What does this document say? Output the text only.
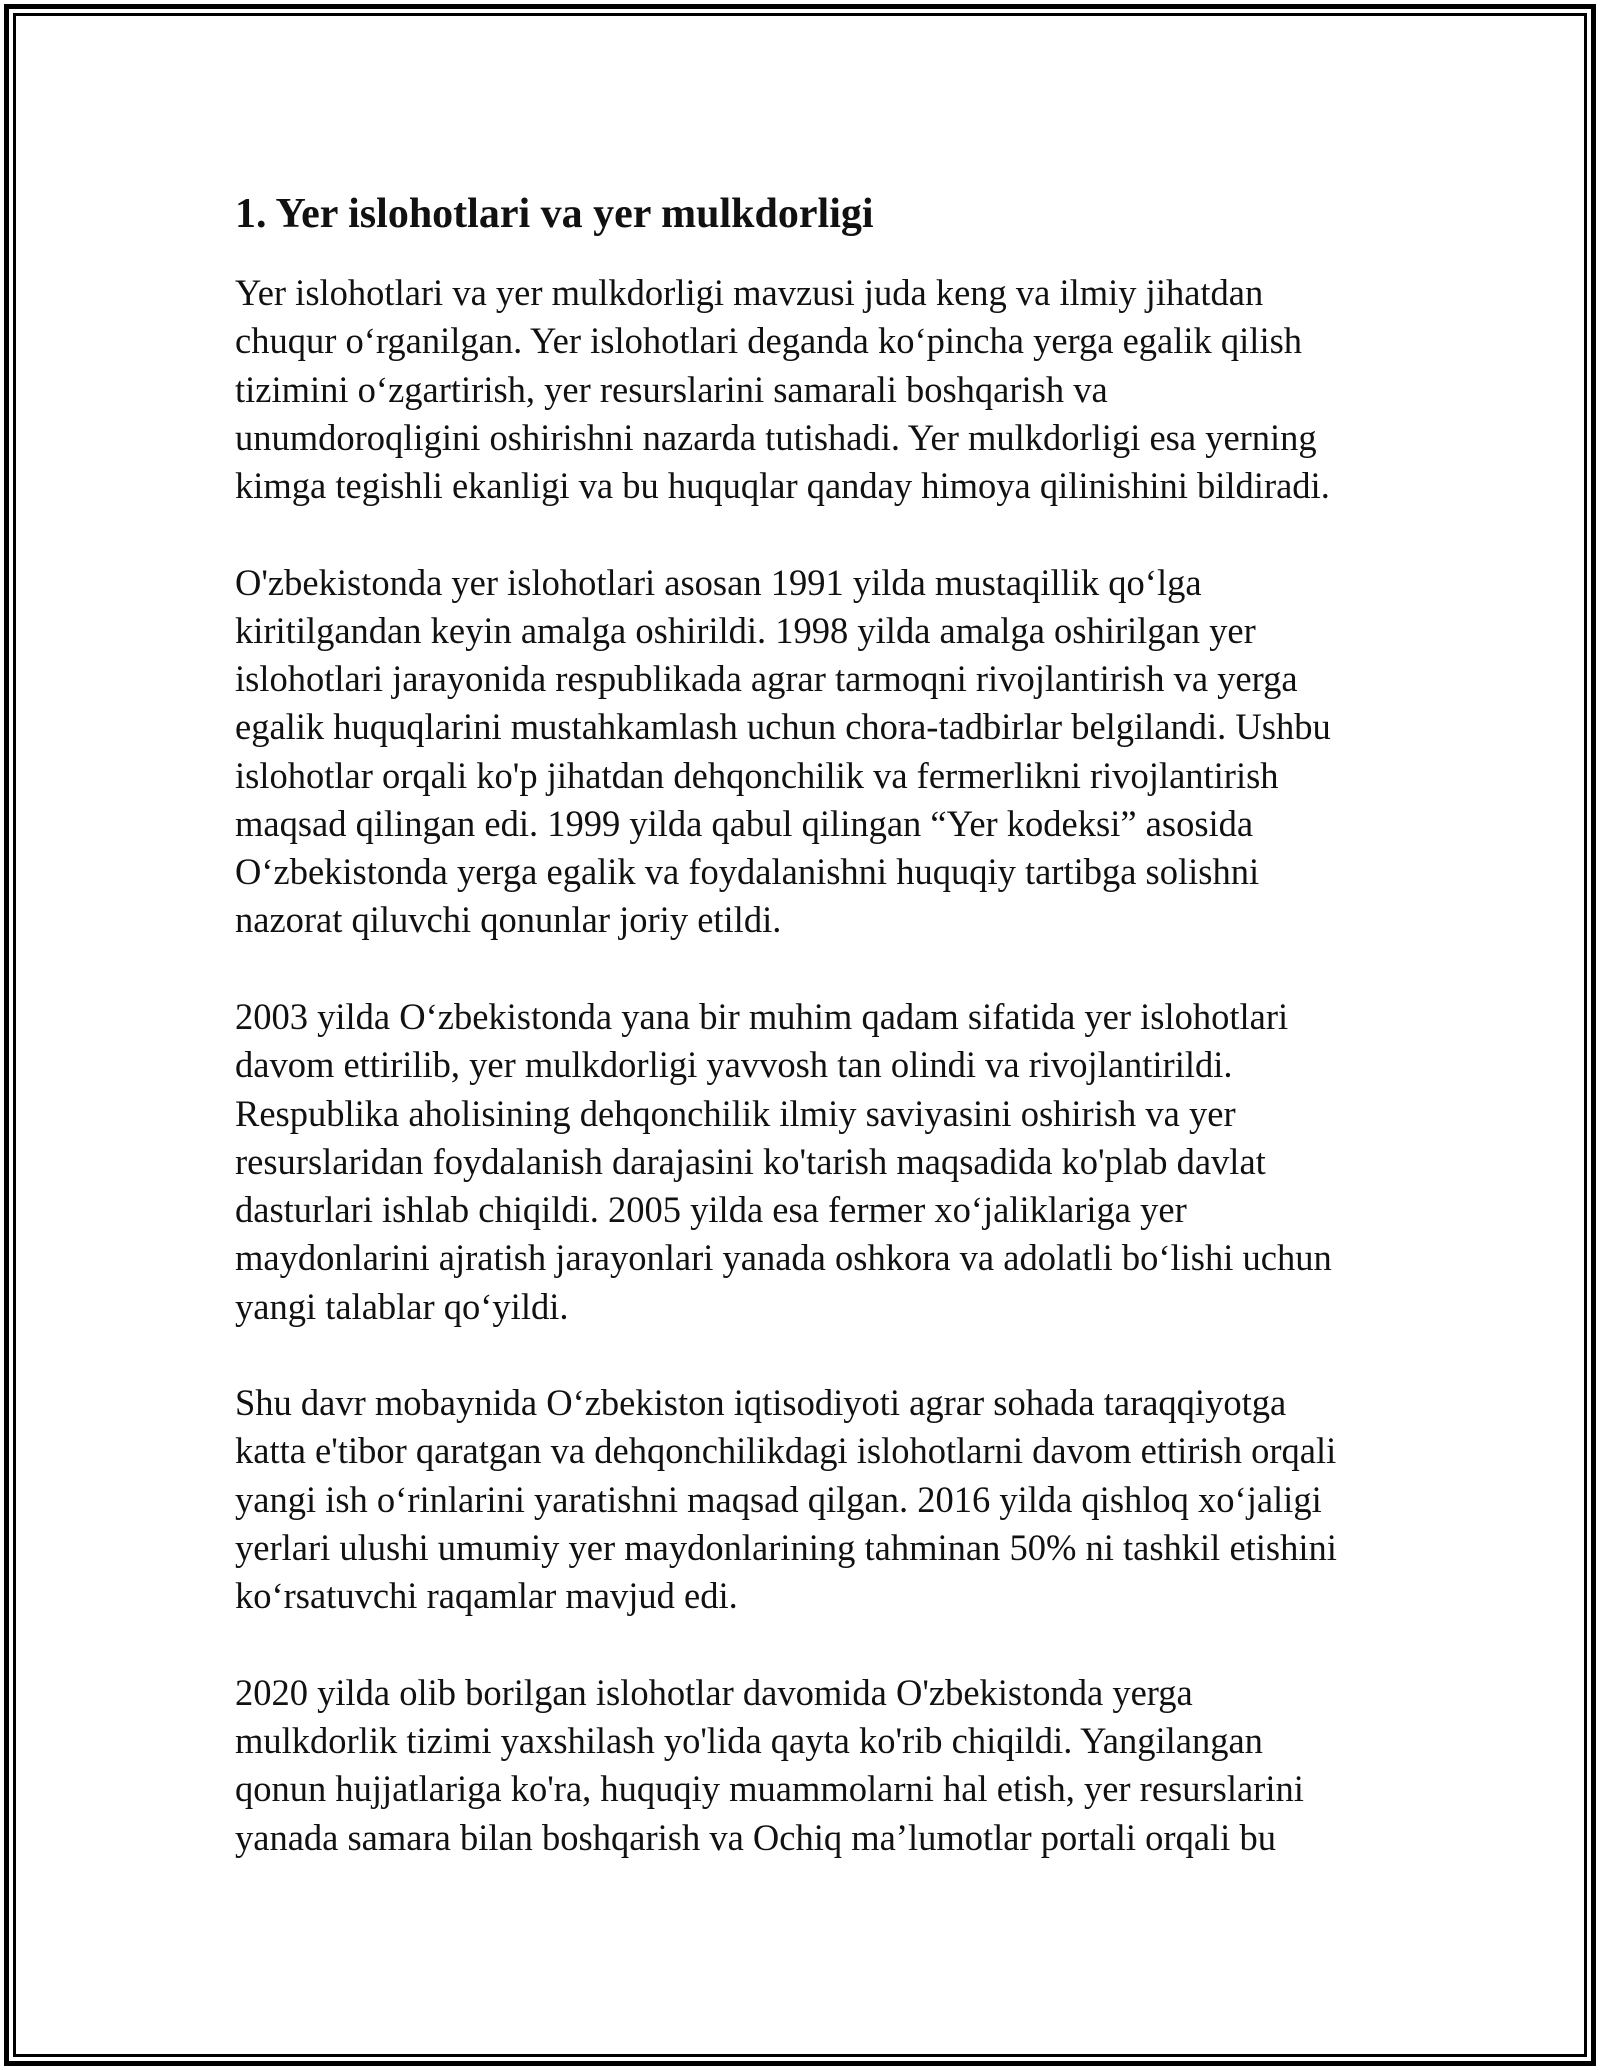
1. Yer islohotlari va yer mulkdorligi

Yer islohotlari va yer mulkdorligi mavzusi juda keng va ilmiy jihatdan
chuqur o‘rganilgan. Yer islohotlari deganda ko‘pincha yerga egalik qilish
tizimini o‘zgartirish, yer resurslarini samarali boshqarish va
unumdoroqligini oshirishni nazarda tutishadi. Yer mulkdorligi esa yerning
kimga tegishli ekanligi va bu huquqlar qanday himoya qilinishini bildiradi.

O'zbekistonda yer islohotlari asosan 1991 yilda mustaqillik qo‘lga
kiritilgandan keyin amalga oshirildi. 1998 yilda amalga oshirilgan yer
islohotlari jarayonida respublikada agrar tarmoqni rivojlantirish va yerga
egalik huquqlarini mustahkamlash uchun chora-tadbirlar belgilandi. Ushbu
islohotlar orqali ko'p jihatdan dehqonchilik va fermerlikni rivojlantirish
maqsad qilingan edi. 1999 yilda qabul qilingan “Yer kodeksi” asosida
O‘zbekistonda yerga egalik va foydalanishni huquqiy tartibga solishni
nazorat qiluvchi qonunlar joriy etildi.

2003 yilda O‘zbekistonda yana bir muhim qadam sifatida yer islohotlari
davom ettirilib, yer mulkdorligi yavvosh tan olindi va rivojlantirildi.
Respublika aholisining dehqonchilik ilmiy saviyasini oshirish va yer
resurslaridan foydalanish darajasini ko'tarish maqsadida ko'plab davlat
dasturlari ishlab chiqildi. 2005 yilda esa fermer xo‘jaliklariga yer
maydonlarini ajratish jarayonlari yanada oshkora va adolatli bo‘lishi uchun
yangi talablar qo‘yildi.

Shu davr mobaynida O‘zbekiston iqtisodiyoti agrar sohada taraqqiyotga
katta e'tibor qaratgan va dehqonchilikdagi islohotlarni davom ettirish orqali
yangi ish o‘rinlarini yaratishni maqsad qilgan. 2016 yilda qishloq xo‘jaligi
yerlari ulushi umumiy yer maydonlarining tahminan 50% ni tashkil etishini
ko‘rsatuvchi raqamlar mavjud edi.

2020 yilda olib borilgan islohotlar davomida O'zbekistonda yerga
mulkdorlik tizimi yaxshilash yo'lida qayta ko'rib chiqildi. Yangilangan
qonun hujjatlariga ko'ra, huquqiy muammolarni hal etish, yer resurslarini
yanada samara bilan boshqarish va Ochiq ma’lumotlar portali orqali bu
